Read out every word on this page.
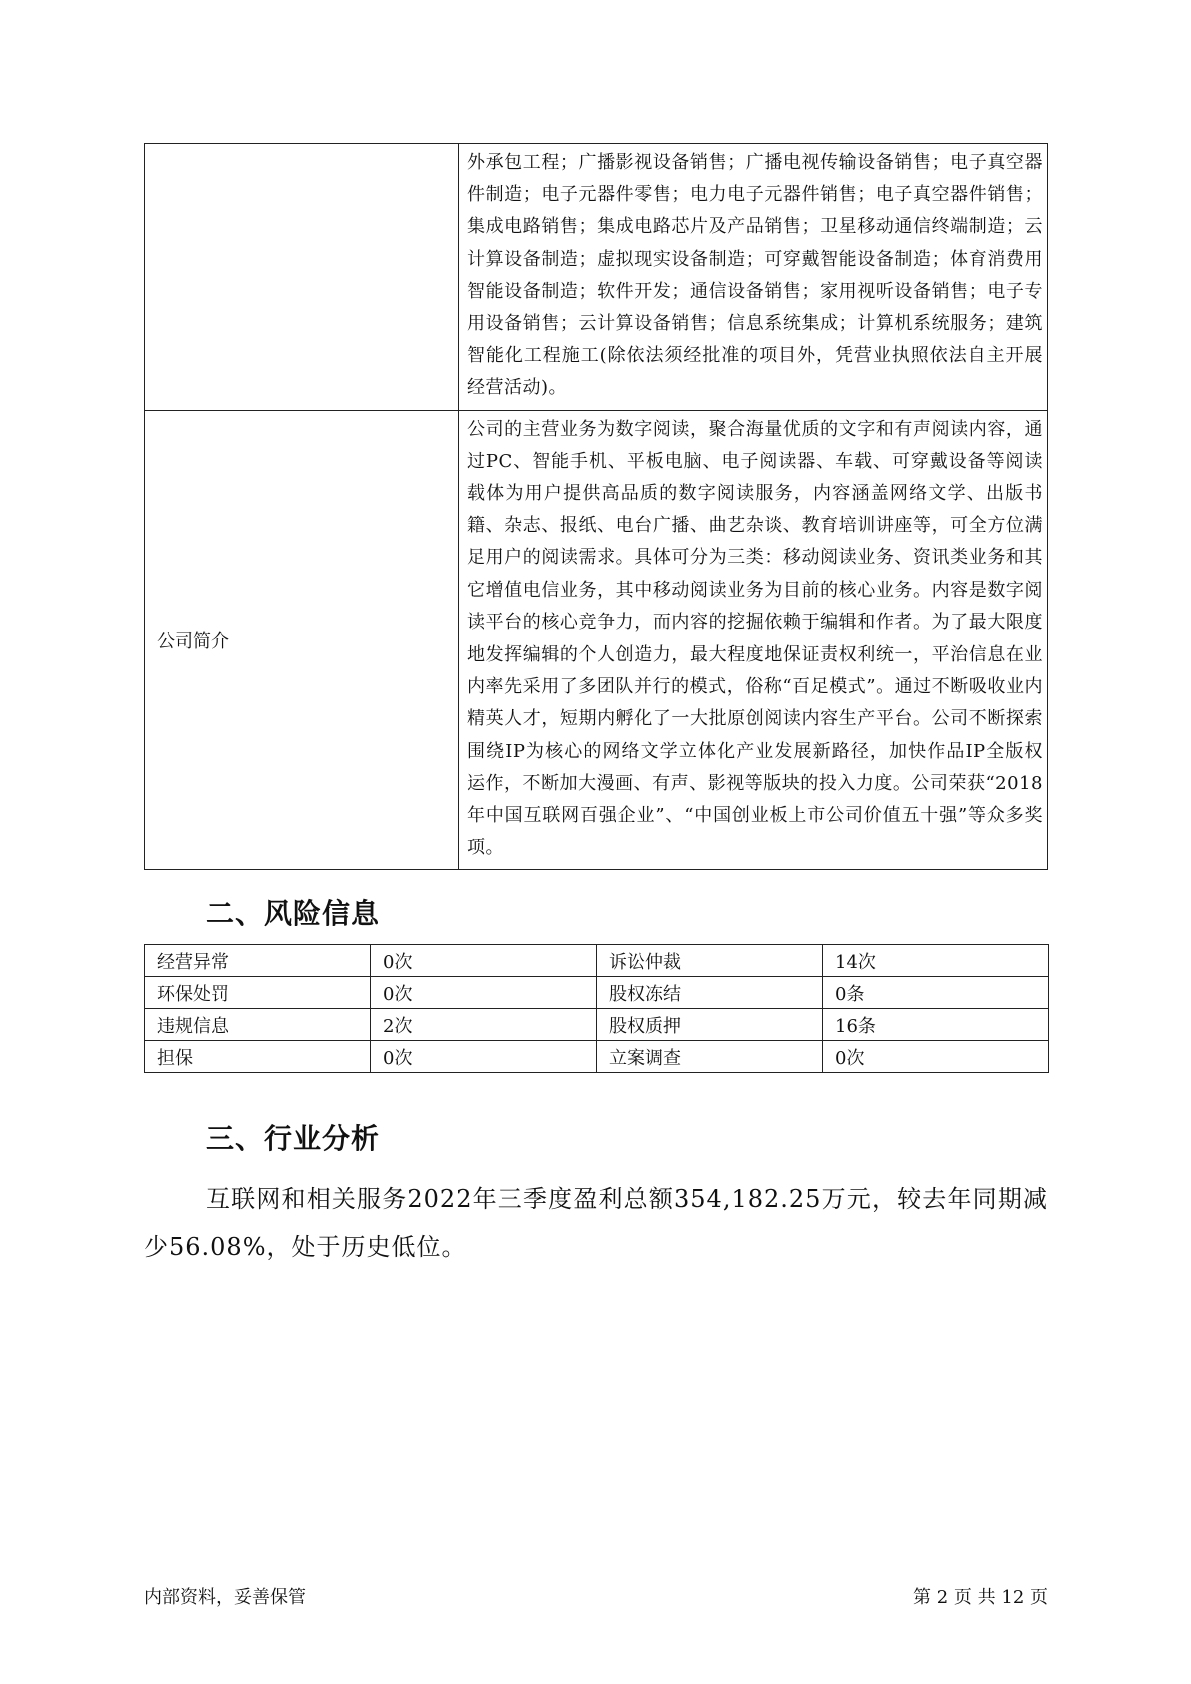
	外承包工程；广播影视设备销售；广播电视传输设备销售；电子真空器件制造；电子元器件零售；电力电子元器件销售；电子真空器件销售；集成电路销售；集成电路芯片及产品销售；卫星移动通信终端制造；云计算设备制造；虚拟现实设备制造；可穿戴智能设备制造；体育消费用智能设备制造；软件开发；通信设备销售；家用视听设备销售；电子专用设备销售；云计算设备销售；信息系统集成；计算机系统服务；建筑智能化工程施工(除依法须经批准的项目外，凭营业执照依法自主开展经营活动)。
公司简介	公司的主营业务为数字阅读，聚合海量优质的文字和有声阅读内容，通过PC、智能手机、平板电脑、电子阅读器、车载、可穿戴设备等阅读载体为用户提供高品质的数字阅读服务，内容涵盖网络文学、出版书籍、杂志、报纸、电台广播、曲艺杂谈、教育培训讲座等，可全方位满足用户的阅读需求。具体可分为三类：移动阅读业务、资讯类业务和其它增值电信业务，其中移动阅读业务为目前的核心业务。内容是数字阅读平台的核心竞争力，而内容的挖掘依赖于编辑和作者。为了最大限度地发挥编辑的个人创造力，最大程度地保证责权利统一，平治信息在业内率先采用了多团队并行的模式，俗称“百足模式”。通过不断吸收业内精英人才，短期内孵化了一大批原创阅读内容生产平台。公司不断探索围绕IP为核心的网络文学立体化产业发展新路径，加快作品IP全版权运作，不断加大漫画、有声、影视等版块的投入力度。公司荣获“2018年中国互联网百强企业”、“中国创业板上市公司价值五十强”等众多奖项。
二、风险信息
经营异常	0次	诉讼仲裁	14次
环保处罚	0次	股权冻结	0条
违规信息	2次	股权质押	16条
担保	0次	立案调查	0次
三、行业分析

互联网和相关服务2022年三季度盈利总额354,182.25万元，较去年同期减少56.08%，处于历史低位。

内部资料，妥善保管	第 2 页 共 12 页
